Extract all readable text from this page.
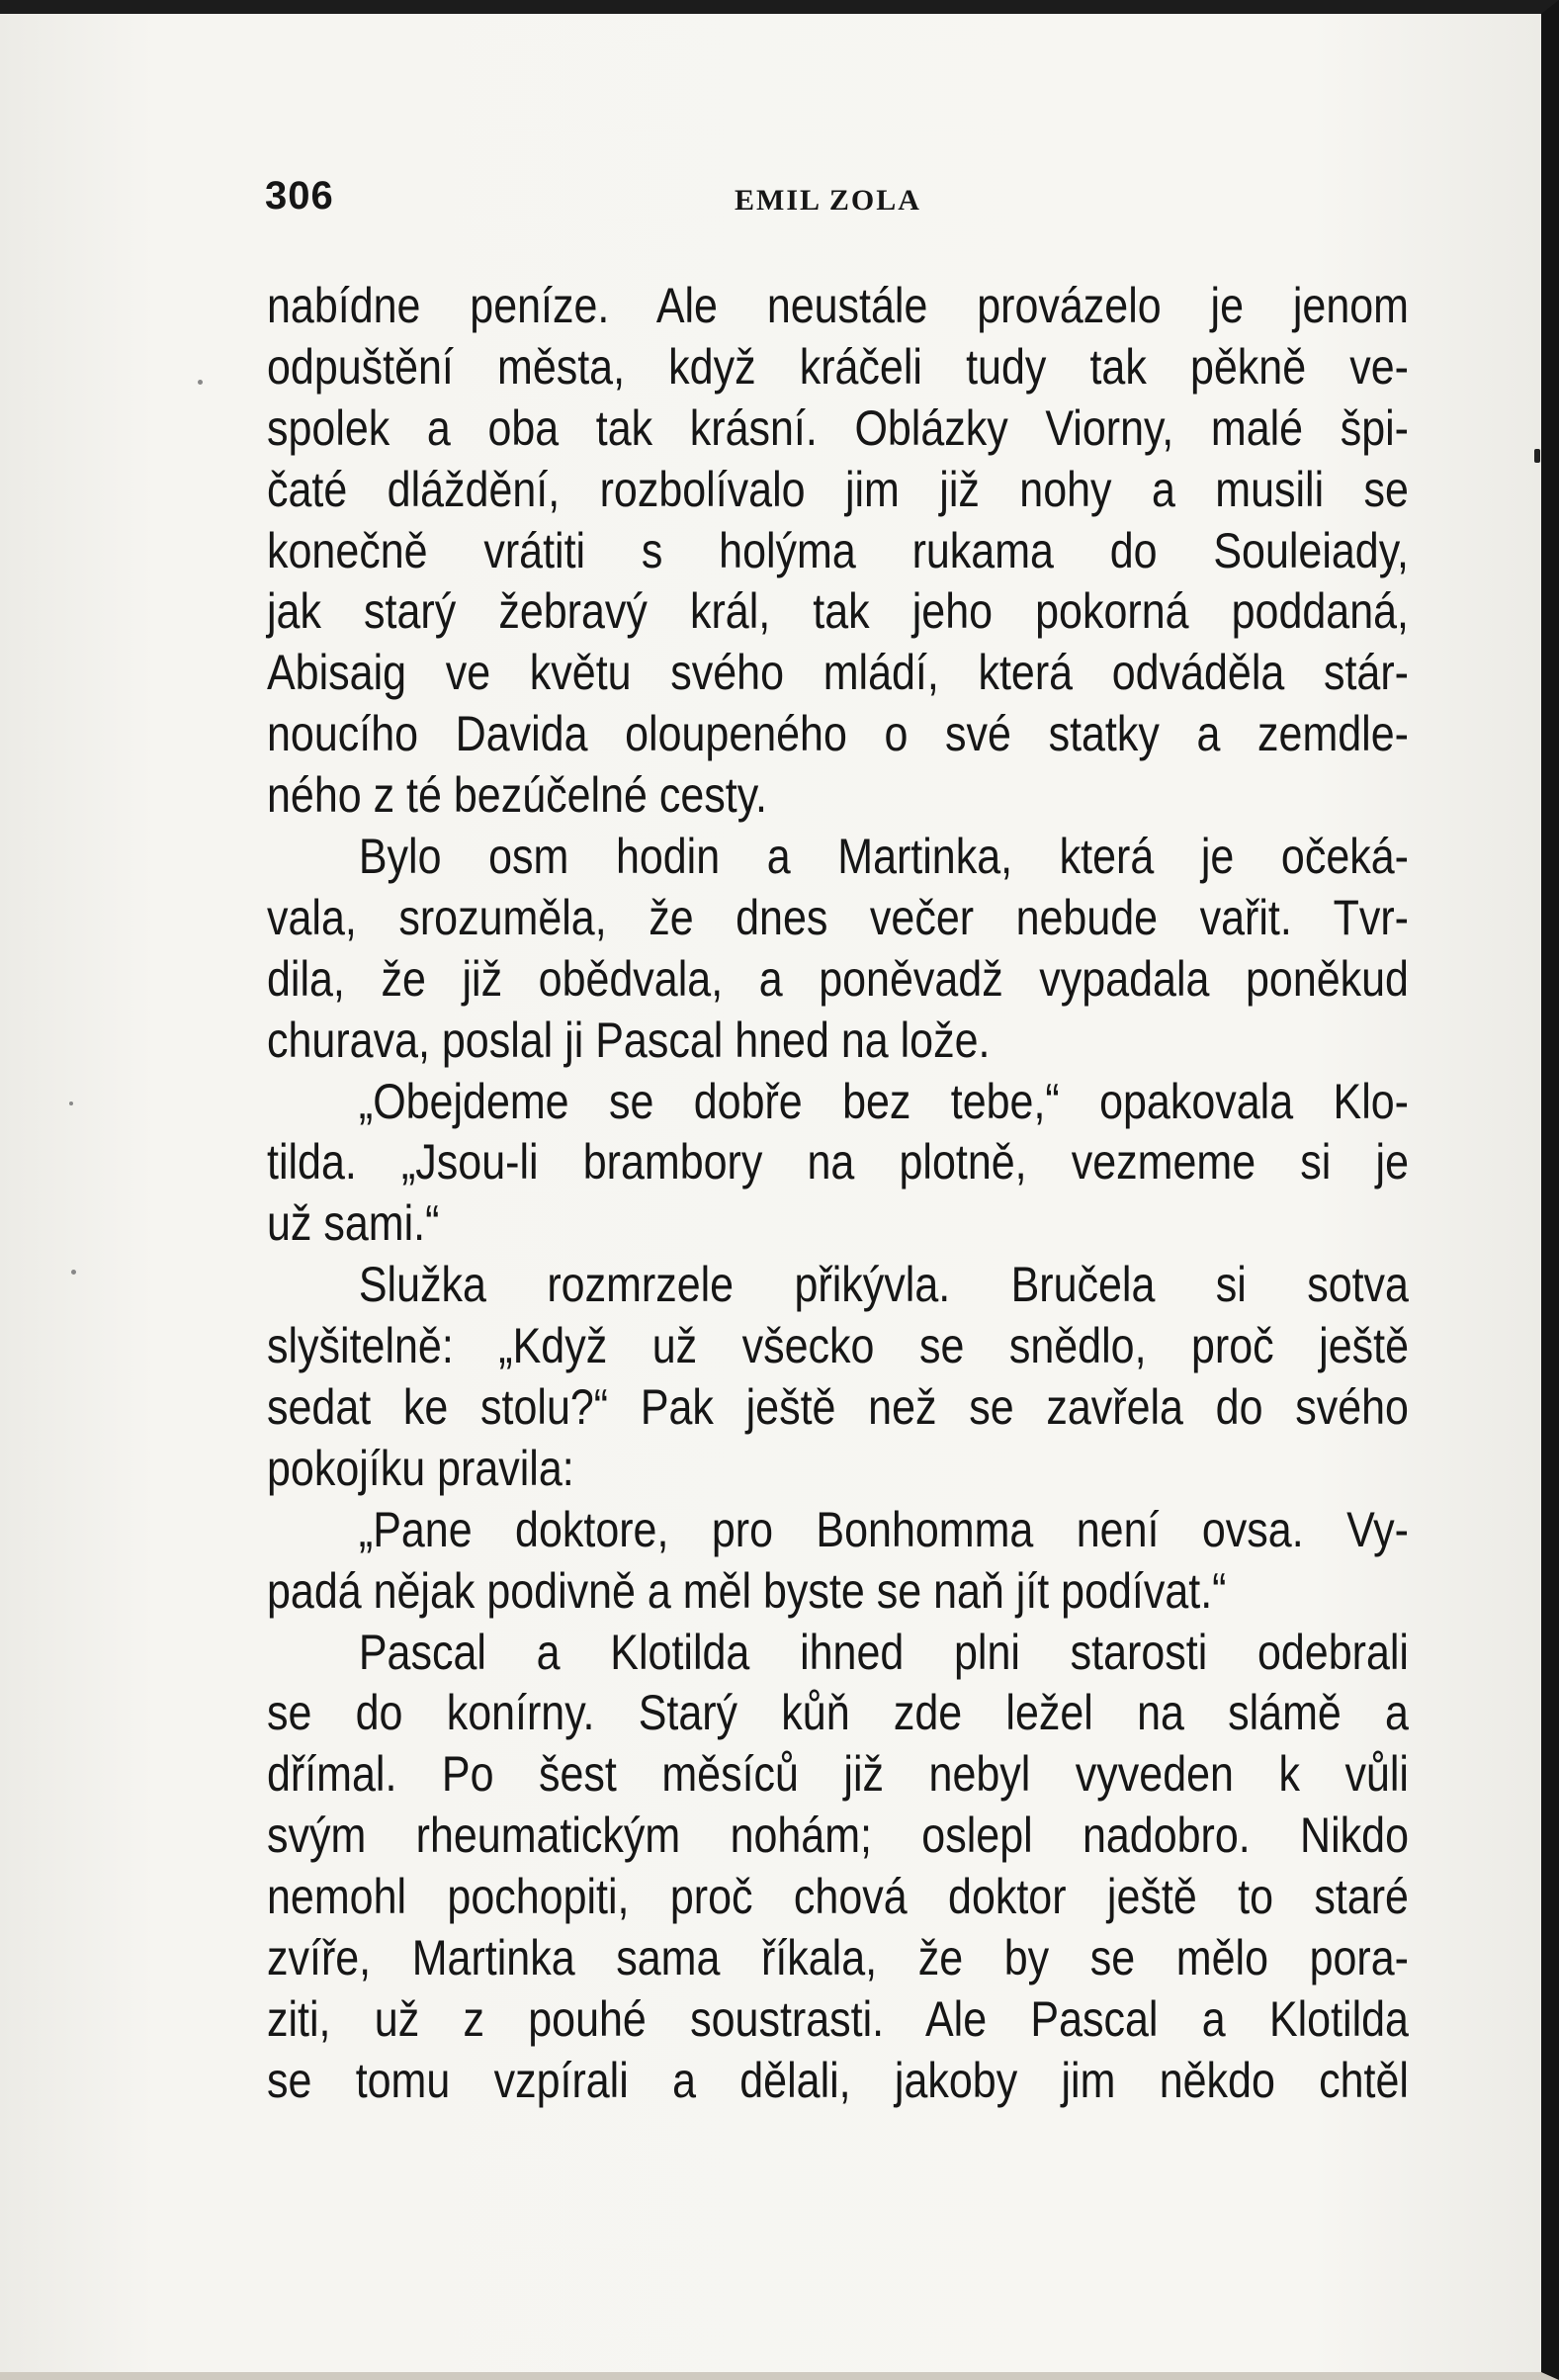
306	EMIL ZOLA
nabídne peníze. Ale neustále provázelo je jenom
odpuštění města, když kráčeli tudy tak pěkně ve-
spolek a oba tak krásní. Oblázky Viorny, malé špi-
čaté dláždění, rozbolívalo jim již nohy a musili se
konečně vrátiti s holýma rukama do Souleiady,
jak starý žebravý král, tak jeho pokorná poddaná,
Abisaig ve květu svého mládí, která odváděla stár-
noucího Davida oloupeného o své statky a zemdle-
ného z té bezúčelné cesty.
Bylo osm hodin a Martinka, která je očeká-
vala, srozuměla, že dnes večer nebude vařit. Tvr-
dila, že již obědvala, a poněvadž vypadala poněkud
churava, poslal ji Pascal hned na lože.
„Obejdeme se dobře bez tebe,“ opakovala Klo-
tilda. „Jsou-li brambory na plotně, vezmeme si je
už sami.“
Služka rozmrzele přikývla. Bručela si sotva
slyšitelně: „Když už všecko se snědlo, proč ještě
sedat ke stolu?“ Pak ještě než se zavřela do svého
pokojíku pravila:
„Pane doktore, pro Bonhomma není ovsa. Vy-
padá nějak podivně a měl byste se naň jít podívat.“
Pascal a Klotilda ihned plni starosti odebrali
se do konírny. Starý kůň zde ležel na slámě a
dřímal. Po šest měsíců již nebyl vyveden k vůli
svým rheumatickým nohám; oslepl nadobro. Nikdo
nemohl pochopiti, proč chová doktor ještě to staré
zvíře, Martinka sama říkala, že by se mělo pora-
ziti, už z pouhé soustrasti. Ale Pascal a Klotilda
se tomu vzpírali a dělali, jakoby jim někdo chtěl
